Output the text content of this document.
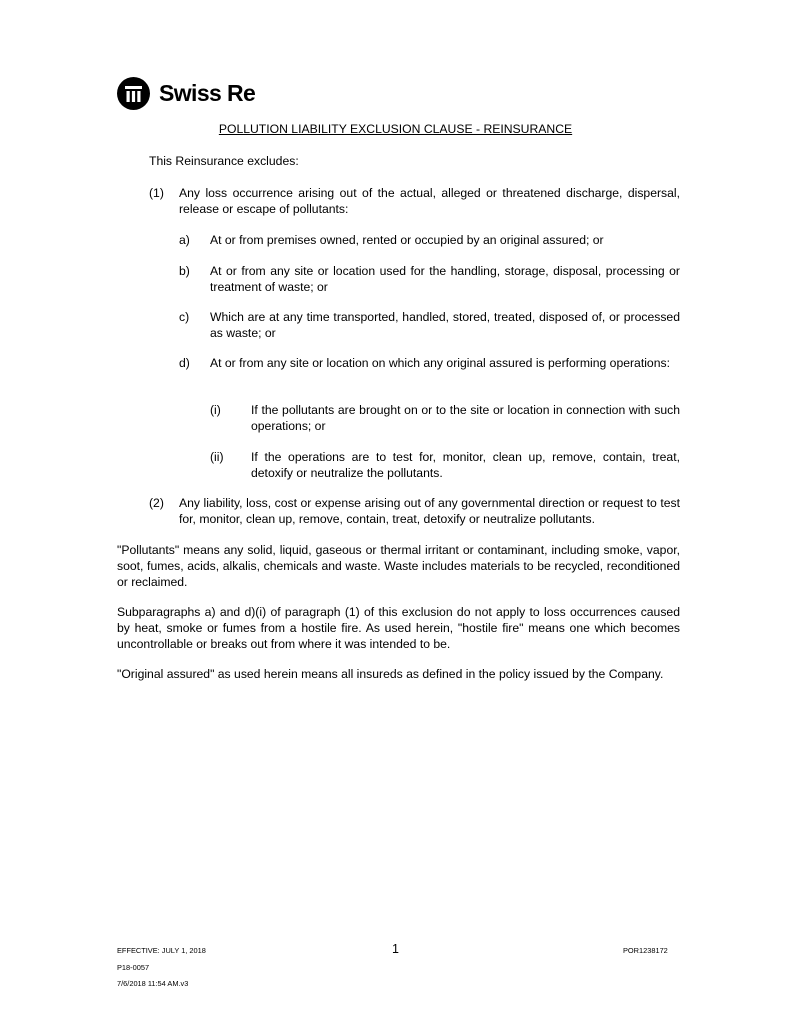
Swiss Re
POLLUTION LIABILITY EXCLUSION CLAUSE - REINSURANCE
This Reinsurance excludes:
(1) Any loss occurrence arising out of the actual, alleged or threatened discharge, dispersal, release or escape of pollutants:
a) At or from premises owned, rented or occupied by an original assured; or
b) At or from any site or location used for the handling, storage, disposal, processing or treatment of waste; or
c) Which are at any time transported, handled, stored, treated, disposed of, or processed as waste; or
d) At or from any site or location on which any original assured is performing operations:
(i) If the pollutants are brought on or to the site or location in connection with such operations; or
(ii) If the operations are to test for, monitor, clean up, remove, contain, treat, detoxify or neutralize the pollutants.
(2) Any liability, loss, cost or expense arising out of any governmental direction or request to test for, monitor, clean up, remove, contain, treat, detoxify or neutralize pollutants.
"Pollutants" means any solid, liquid, gaseous or thermal irritant or contaminant, including smoke, vapor, soot, fumes, acids, alkalis, chemicals and waste. Waste includes materials to be recycled, reconditioned or reclaimed.
Subparagraphs a) and d)(i) of paragraph (1) of this exclusion do not apply to loss occurrences caused by heat, smoke or fumes from a hostile fire. As used herein, "hostile fire" means one which becomes uncontrollable or breaks out from where it was intended to be.
"Original assured" as used herein means all insureds as defined in the policy issued by the Company.
EFFECTIVE: JULY 1, 2018
P18-0057
7/6/2018 11:54 AM.v3
1	POR1238172
